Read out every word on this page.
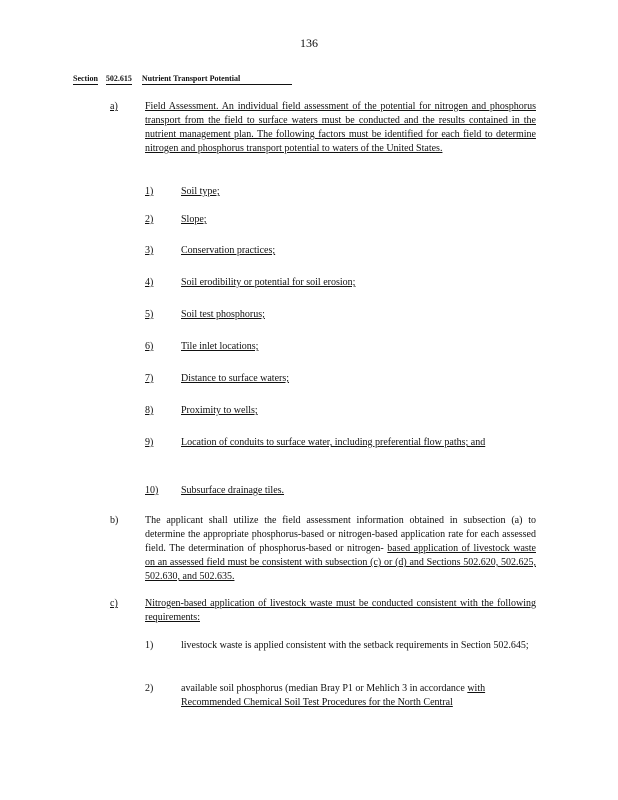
136
Section 502.615 Nutrient Transport Potential
a)	Field Assessment. An individual field assessment of the potential for nitrogen and phosphorus transport from the field to surface waters must be conducted and the results contained in the nutrient management plan. The following factors must be identified for each field to determine nitrogen and phosphorus transport potential to waters of the United States.
1)	Soil type;
2)	Slope;
3)	Conservation practices;
4)	Soil erodibility or potential for soil erosion;
5)	Soil test phosphorus;
6)	Tile inlet locations;
7)	Distance to surface waters;
8)	Proximity to wells;
9)	Location of conduits to surface water, including preferential flow paths; and
10) Subsurface drainage tiles.
b)	The applicant shall utilize the field assessment information obtained in subsection (a) to determine the appropriate phosphorus-based or nitrogen-based application rate for each assessed field. The determination of phosphorus-based or nitrogen- based application of livestock waste on an assessed field must be consistent with subsection (c) or (d) and Sections 502.620, 502.625, 502.630, and 502.635.
c)	Nitrogen-based application of livestock waste must be conducted consistent with the following requirements:
1)	livestock waste is applied consistent with the setback requirements in Section 502.645;
2)	available soil phosphorus (median Bray P1 or Mehlich 3 in accordance with Recommended Chemical Soil Test Procedures for the North Central
